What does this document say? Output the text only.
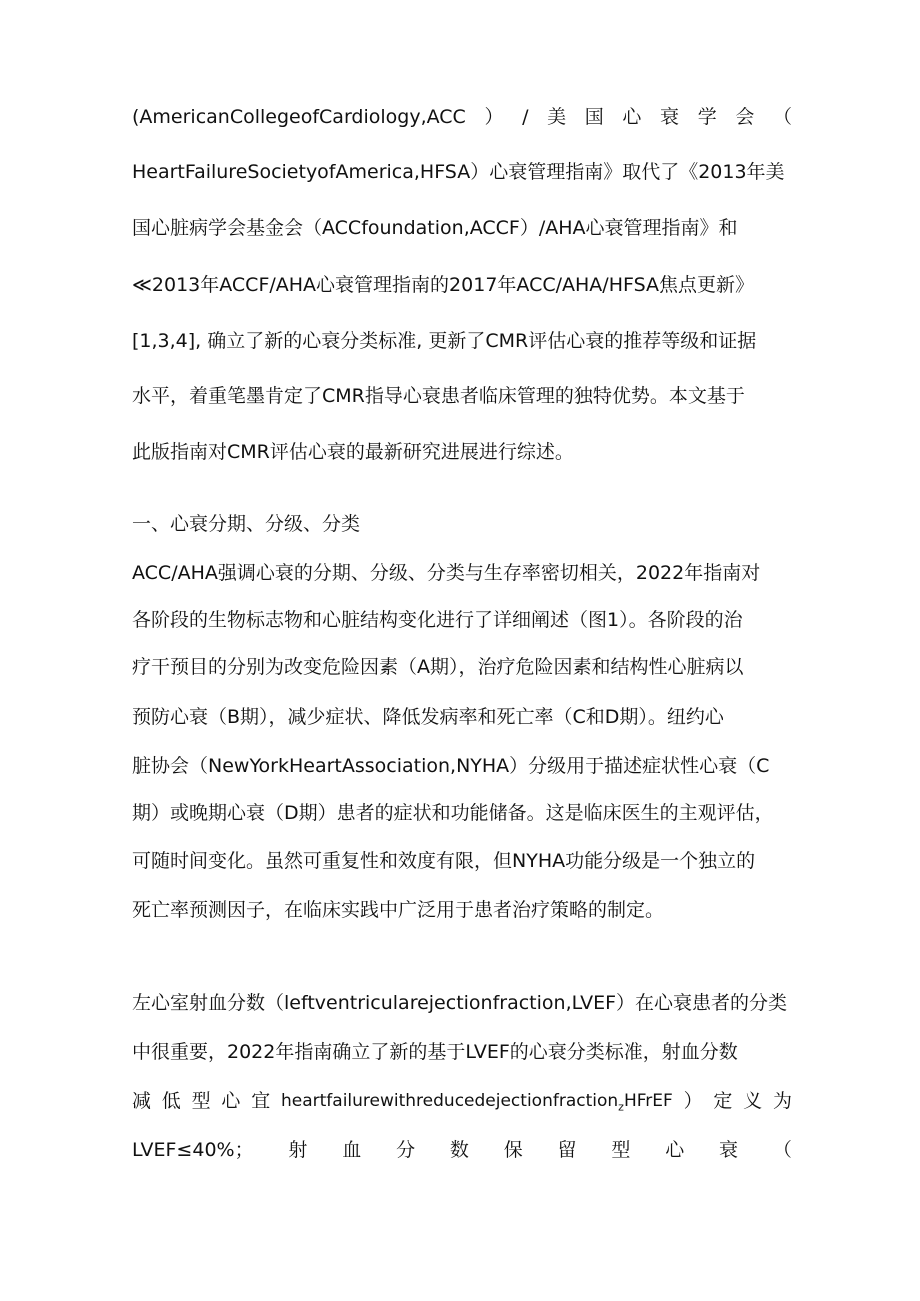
(AmericanCollegeofCardiology,ACC ） / 美 国 心 衰 学 会 （
HeartFailureSocietyofAmerica,HFSA）心衰管理指南》取代了《2013年美
国心脏病学会基金会（ACCfoundation,ACCF）/AHA心衰管理指南》和
≪2013年ACCF/AHA心衰管理指南的2017年ACC/AHA/HFSA焦点更新》
[1,3,4], 确立了新的心衰分类标准, 更新了CMR评估心衰的推荐等级和证据
水平，着重笔墨肯定了CMR指导心衰患者临床管理的独特优势。本文基于
此版指南对CMR评估心衰的最新研究进展进行综述。
一、心衰分期、分级、分类
ACC/AHA强调心衰的分期、分级、分类与生存率密切相关，2022年指南对
各阶段的生物标志物和心脏结构变化进行了详细阐述（图1）。各阶段的治
疗干预目的分别为改变危险因素（A期），治疗危险因素和结构性心脏病以
预防心衰（B期），减少症状、降低发病率和死亡率（C和D期）。纽约心
脏协会（NewYorkHeartAssociation,NYHA）分级用于描述症状性心衰（C
期）或晚期心衰（D期）患者的症状和功能储备。这是临床医生的主观评估，
可随时间变化。虽然可重复性和效度有限，但NYHA功能分级是一个独立的
死亡率预测因子，在临床实践中广泛用于患者治疗策略的制定。
左心室射血分数（leftventricularejectionfraction,LVEF）在心衰患者的分类
中很重要，2022年指南确立了新的基于LVEF的心衰分类标准，射血分数
减 低 型 心 宜 heartfailurewithreducedejectionfraction$_z$HFrEF ） 定 义 为
LVEF≤40%； 射 血 分 数 保 留 型 心 衰 （
